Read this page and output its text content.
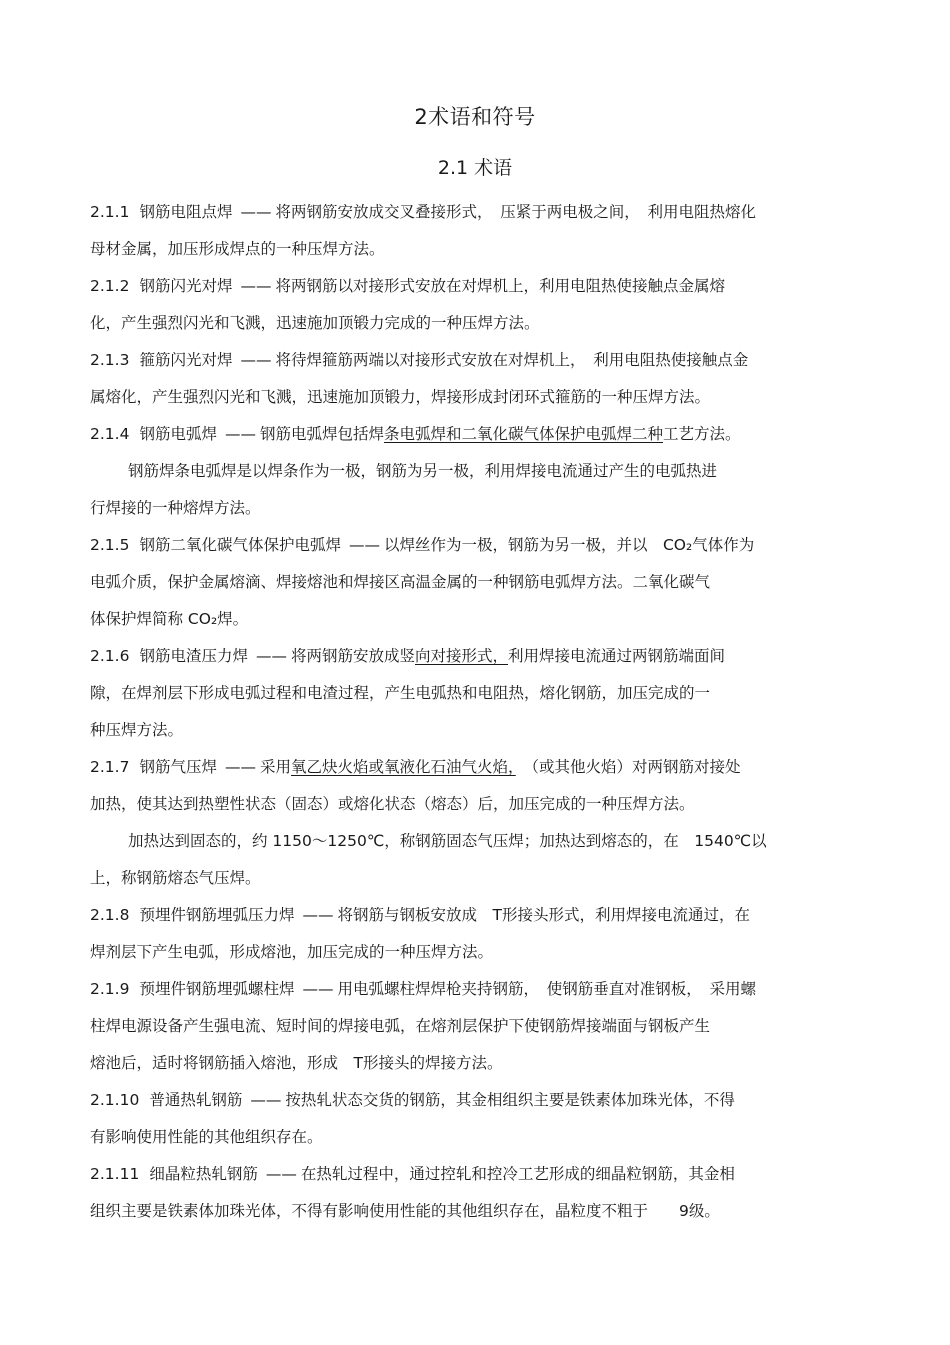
2术语和符号
2.1 术语
2.1.1 钢筋电阻点焊 —— 将两钢筋安放成交叉叠接形式，　压紧于两电极之间，　利用电阻热熔化
母材金属，加压形成焊点的一种压焊方法。
2.1.2 钢筋闪光对焊 —— 将两钢筋以对接形式安放在对焊机上，利用电阻热使接触点金属熔
化，产生强烈闪光和飞溅，迅速施加顶锻力完成的一种压焊方法。
2.1.3 箍筋闪光对焊 —— 将待焊箍筋两端以对接形式安放在对焊机上，　利用电阻热使接触点金
属熔化，产生强烈闪光和飞溅，迅速施加顶锻力，焊接形成封闭环式箍筋的一种压焊方法。
2.1.4 钢筋电弧焊 —— 钢筋电弧焊包括焊条电弧焊和二氧化碳气体保护电弧焊二种工艺方法。
钢筋焊条电弧焊是以焊条作为一极，钢筋为另一极，利用焊接电流通过产生的电弧热进
行焊接的一种熔焊方法。
2.1.5 钢筋二氧化碳气体保护电弧焊 —— 以焊丝作为一极，钢筋为另一极，并以　CO₂气体作为
电弧介质，保护金属熔滴、焊接熔池和焊接区高温金属的一种钢筋电弧焊方法。二氧化碳气
体保护焊简称 CO₂焊。
2.1.6 钢筋电渣压力焊 —— 将两钢筋安放成竖向对接形式，利用焊接电流通过两钢筋端面间
隙，在焊剂层下形成电弧过程和电渣过程，产生电弧热和电阻热，熔化钢筋，加压完成的一
种压焊方法。
2.1.7 钢筋气压焊 —— 采用氧乙炔火焰或氧液化石油气火焰，　（或其他火焰）对两钢筋对接处
加热，使其达到热塑性状态（固态）或熔化状态（熔态）后，加压完成的一种压焊方法。
加热达到固态的，约 1150～1250℃，称钢筋固态气压焊；加热达到熔态的，在　1540℃以
上，称钢筋熔态气压焊。
2.1.8 预埋件钢筋埋弧压力焊 —— 将钢筋与钢板安放成　T形接头形式，利用焊接电流通过，在
焊剂层下产生电弧，形成熔池，加压完成的一种压焊方法。
2.1.9 预埋件钢筋埋弧螺柱焊 —— 用电弧螺柱焊焊枪夹持钢筋，　使钢筋垂直对准钢板，　采用螺
柱焊电源设备产生强电流、短时间的焊接电弧，在熔剂层保护下使钢筋焊接端面与钢板产生
熔池后，适时将钢筋插入熔池，形成　T形接头的焊接方法。
2.1.10 普通热轧钢筋 —— 按热轧状态交货的钢筋，其金相组织主要是铁素体加珠光体，不得
有影响使用性能的其他组织存在。
2.1.11 细晶粒热轧钢筋 —— 在热轧过程中，通过控轧和控冷工艺形成的细晶粒钢筋，其金相
组织主要是铁素体加珠光体，不得有影响使用性能的其他组织存在，晶粒度不粗于　　9级。
